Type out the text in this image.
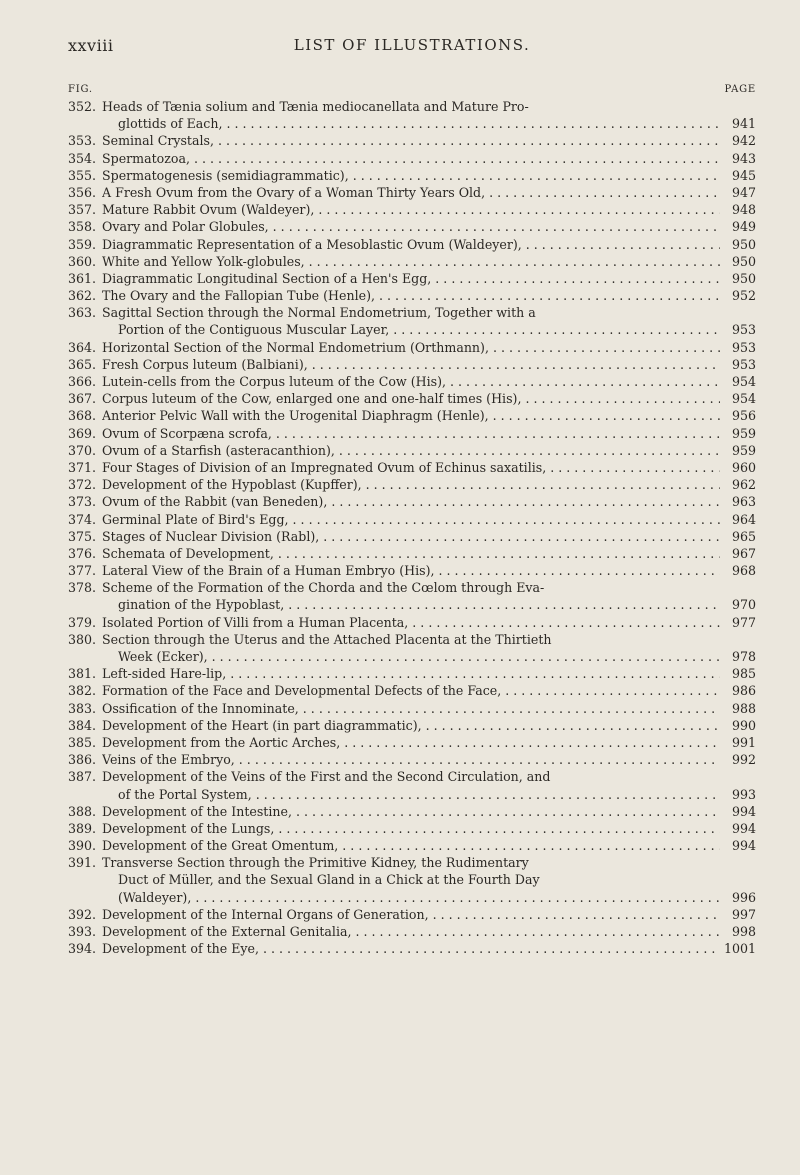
xxviii	LIST OF ILLUSTRATIONS.
FIG.	PAGE
352. Heads of Tænia solium and Tænia mediocanellata and Mature Pro-
glottids of Each, . . .	941
353. Seminal Crystals, . . .	942
354. Spermatozoa, . . .	943
355. Spermatogenesis (semidiagrammatic), . . .	945
356. A Fresh Ovum from the Ovary of a Woman Thirty Years Old, . . .	947
357. Mature Rabbit Ovum (Waldeyer), . . .	948
358. Ovary and Polar Globules, . . .	949
359. Diagrammatic Representation of a Mesoblastic Ovum (Waldeyer), . . .	950
360. White and Yellow Yolk-globules, . . .	950
361. Diagrammatic Longitudinal Section of a Hen's Egg, . . .	950
362. The Ovary and the Fallopian Tube (Henle), . . .	952
363. Sagittal Section through the Normal Endometrium, Together with a
Portion of the Contiguous Muscular Layer, . . .	953
364. Horizontal Section of the Normal Endometrium (Orthmann), . . .	953
365. Fresh Corpus luteum (Balbiani), . . .	953
366. Lutein-cells from the Corpus luteum of the Cow (His), . . .	954
367. Corpus luteum of the Cow, enlarged one and one-half times (His), . . .	954
368. Anterior Pelvic Wall with the Urogenital Diaphragm (Henle), . . .	956
369. Ovum of Scorpæna scrofa, . . .	959
370. Ovum of a Starfish (asteracanthion), . . .	959
371. Four Stages of Division of an Impregnated Ovum of Echinus saxatilis, . . .	960
372. Development of the Hypoblast (Kupffer), . . .	962
373. Ovum of the Rabbit (van Beneden), . . .	963
374. Germinal Plate of Bird's Egg, . . .	964
375. Stages of Nuclear Division (Rabl), . . .	965
376. Schemata of Development, . . .	967
377. Lateral View of the Brain of a Human Embryo (His), . . .	968
378. Scheme of the Formation of the Chorda and the Cœlom through Eva-
gination of the Hypoblast, . . .	970
379. Isolated Portion of Villi from a Human Placenta, . . .	977
380. Section through the Uterus and the Attached Placenta at the Thirtieth
Week (Ecker), . . .	978
381. Left-sided Hare-lip, . . .	985
382. Formation of the Face and Developmental Defects of the Face, . . .	986
383. Ossification of the Innominate, . . .	988
384. Development of the Heart (in part diagrammatic), . . .	990
385. Development from the Aortic Arches, . . .	991
386. Veins of the Embryo, . . .	992
387. Development of the Veins of the First and the Second Circulation, and
of the Portal System, . . .	993
388. Development of the Intestine, . . .	994
389. Development of the Lungs, . . .	994
390. Development of the Great Omentum, . . .	994
391. Transverse Section through the Primitive Kidney, the Rudimentary
Duct of Müller, and the Sexual Gland in a Chick at the Fourth Day
(Waldeyer), . . .	996
392. Development of the Internal Organs of Generation, . . .	997
393. Development of the External Genitalia, . . .	998
394. Development of the Eye, . . .	1001
